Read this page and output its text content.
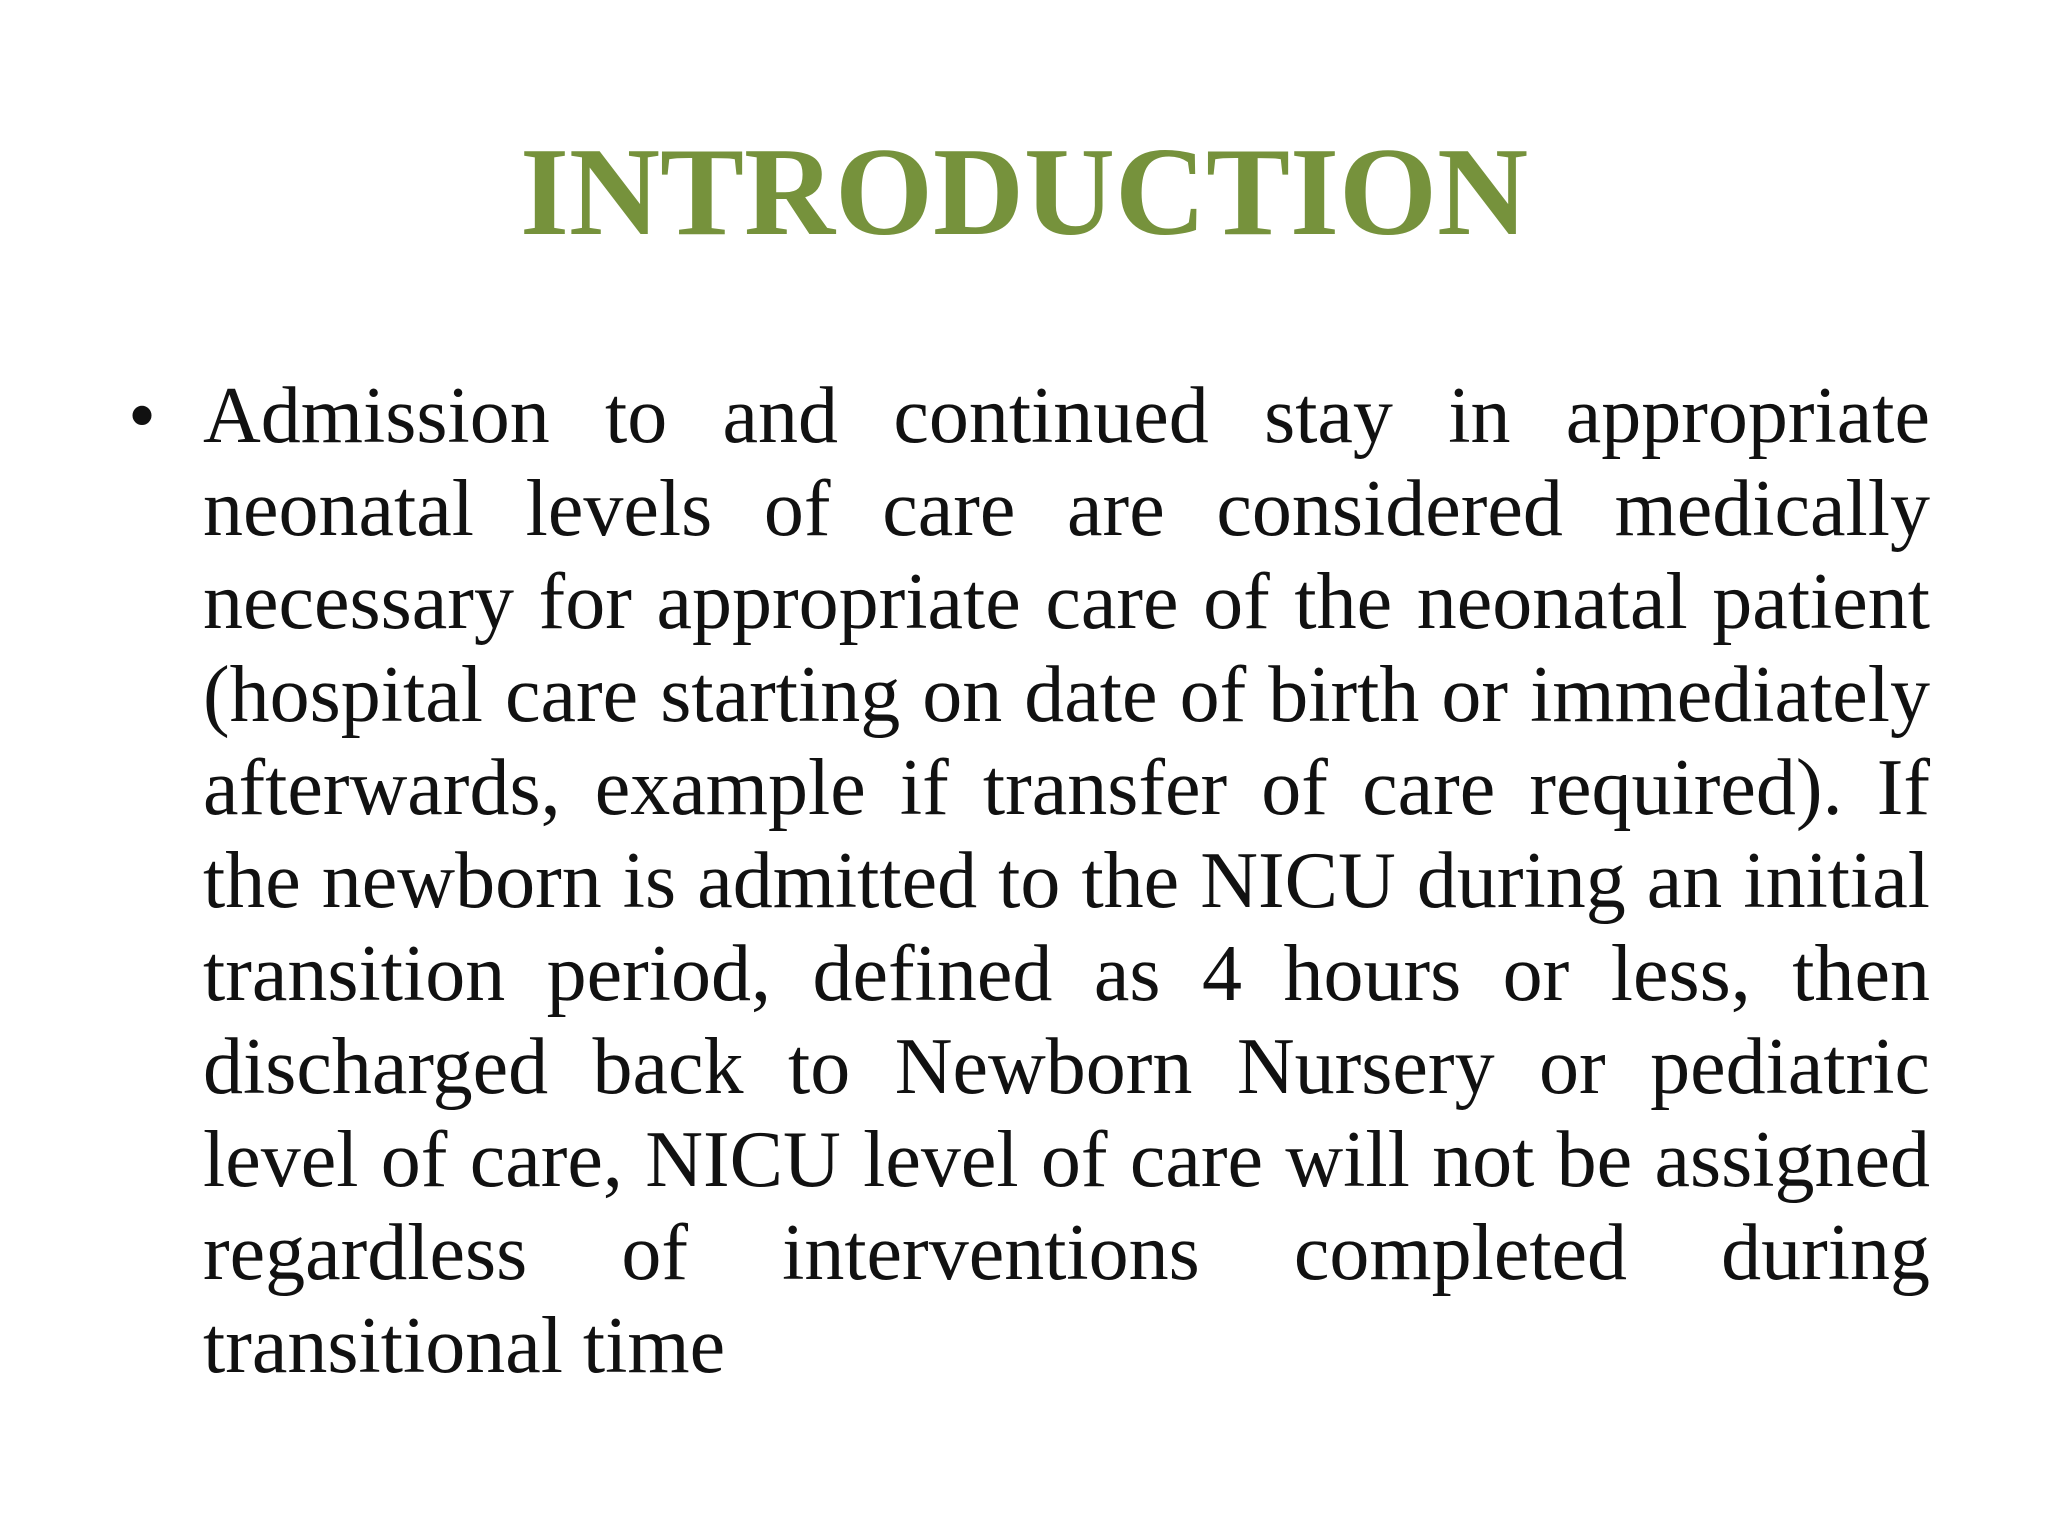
INTRODUCTION
• Admission to and continued stay in appropriate neonatal levels of care are considered medically necessary for appropriate care of the neonatal patient (hospital care starting on date of birth or immediately afterwards, example if transfer of care required). If the newborn is admitted to the NICU during an initial transition period, defined as 4 hours or less, then discharged back to Newborn Nursery or pediatric level of care, NICU level of care will not be assigned regardless of interventions completed during transitional time
